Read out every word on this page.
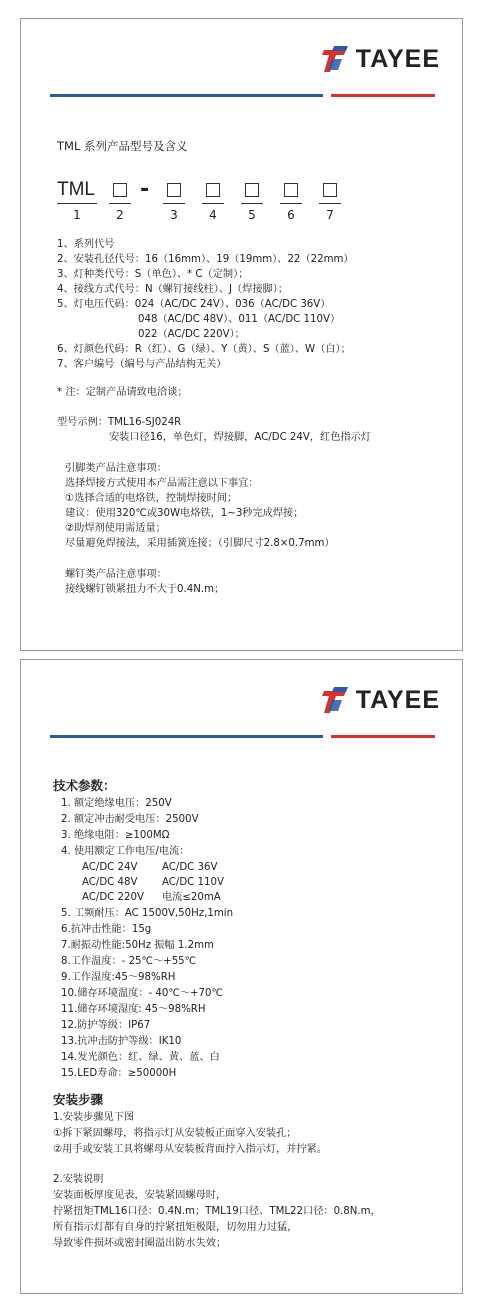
TAYEE
TML 系列产品型号及含义
TML
1	2
-
3	4	5	6	7
1、系列代号
2、安装孔径代号：16（16mm）、19（19mm）、22（22mm）
3、灯种类代号：S（单色）、* C（定制）；
4、接线方式代号：N（螺钉接线柱）、J（焊接脚）；
5、灯电压代码：024（AC/DC 24V）、036（AC/DC 36V）
048（AC/DC 48V）、011（AC/DC 110V）
022（AC/DC 220V）；
6、灯颜色代码：R（红）、G（绿）、Y（黄）、S（蓝）、W（白）；
7、客户编号（编号与产品结构无关）
* 注：定制产品请致电洽谈；
型号示例：TML16-SJ024R
安装口径16，单色灯，焊接脚，AC/DC 24V，红色指示灯
引脚类产品注意事项：
选择焊接方式使用本产品需注意以下事宜：
①选择合适的电烙铁，控制焊接时间；
建议：使用320℃或30W电烙铁，1~3秒完成焊接；
②助焊剂使用需适量；
尽量避免焊接法，采用插簧连接；（引脚尺寸2.8×0.7mm）
螺钉类产品注意事项：
接线螺钉锁紧扭力不大于0.4N.m；
TAYEE
技术参数：
1. 额定绝缘电压：250V
2. 额定冲击耐受电压：2500V
3. 绝缘电阻：≥100MΩ
4. 使用额定工作电压/电流：
AC/DC 24V AC/DC 36V
AC/DC 48V AC/DC 110V
AC/DC 220V 电流≤20mA
5. 工频耐压：AC 1500V,50Hz,1min
6.抗冲击性能：15g
7.耐振动性能:50Hz 振幅 1.2mm
8.工作温度：- 25℃～+55℃
9.工作湿度:45～98%RH
10.储存环境温度：- 40℃～+70℃
11.储存环境湿度: 45～98%RH
12.防护等级：IP67
13.抗冲击防护等级：IK10
14.发光颜色：红、绿、黄、蓝、白
15.LED寿命：≥50000H
安装步骤
1.安装步骤见下图
①拆下紧固螺母，将指示灯从安装板正面穿入安装孔；
②用手或安装工具将螺母从安装板背面拧入指示灯，并拧紧。
2.安装说明
安装面板厚度见表，安装紧固螺母时，
拧紧扭矩TML16口径：0.4N.m；TML19口径、TML22口径：0.8N.m，
所有指示灯都有自身的拧紧扭矩极限，切勿用力过猛，
导致零件损坏或密封圈溢出防水失效；
